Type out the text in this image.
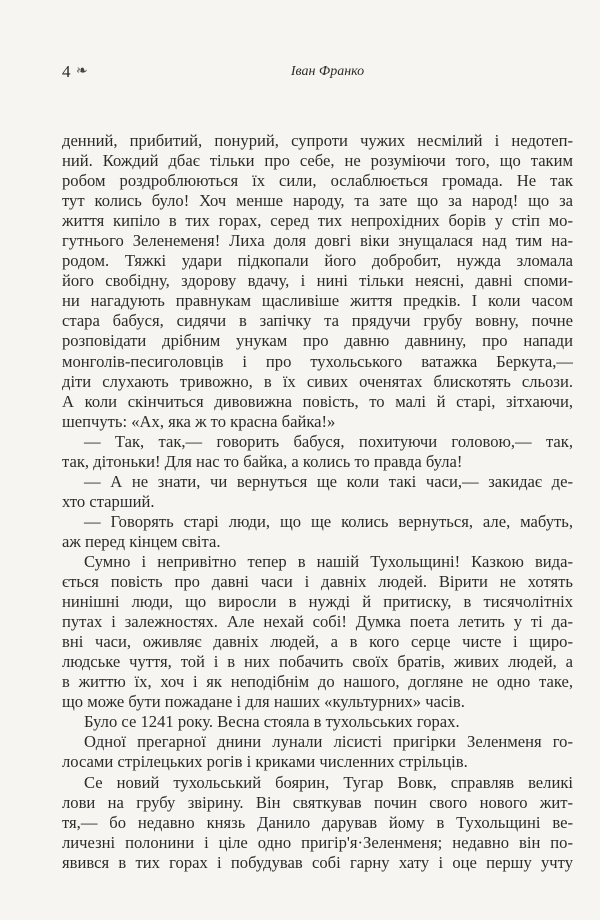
4 ❧	Іван Франко
денний, прибитий, понурий, супроти чужих несмілий і недотеп-
ний. Кождий дбає тільки про себе, не розуміючи того, що таким
робом роздроблюються їх сили, ослаблюється громада. Не так
тут колись було! Хоч менше народу, та зате що за народ! що за
життя кипіло в тих горах, серед тих непрохідних борів у стіп мо-
гутнього Зеленеменя! Лиха доля довгі віки знущалася над тим на-
родом. Тяжкі удари підкопали його добробит, нужда зломала
його свобідну, здорову вдачу, і нині тільки неясні, давні споми-
ни нагадують правнукам щасливіше життя предків. І коли часом
стара бабуся, сидячи в запічку та прядучи грубу вовну, почне
розповідати дрібним унукам про давню давнину, про напади
монголів-песиголовців і про тухольського ватажка Беркута,—
діти слухають тривожно, в їх сивих оченятах блискотять сльози.
А коли скінчиться дивовижна повість, то малі й старі, зітхаючи,
шепчуть: «Ах, яка ж то красна байка!»
— Так, так,— говорить бабуся, похитуючи головою,— так,
так, дітоньки! Для нас то байка, а колись то правда була!
— А не знати, чи вернуться ще коли такі часи,— закидає де-
хто старший.
— Говорять старі люди, що ще колись вернуться, але, мабуть,
аж перед кінцем світа.
Сумно і непривітно тепер в нашій Тухольщині! Казкою вида-
ється повість про давні часи і давніх людей. Вірити не хотять
нинішні люди, що виросли в нужді й притиску, в тисячолітніх
путах і залежностях. Але нехай собі! Думка поета летить у ті да-
вні часи, оживляє давніх людей, а в кого серце чисте і щиро-
людське чуття, той і в них побачить своїх братів, живих людей, а
в життю їх, хоч і як неподібнім до нашого, догляне не одно таке,
що може бути пожадане і для наших «культурних» часів.
Було се 1241 року. Весна стояла в тухольських горах.
Одної прегарної днини лунали лісисті пригірки Зеленменя го-
лосами стрілецьких рогів і криками численних стрільців.
Се новий тухольський боярин, Тугар Вовк, справляв великі
лови на грубу звірину. Він святкував почин свого нового жит-
тя,— бо недавно князь Данило дарував йому в Тухольщині ве-
личезні полонини і ціле одно пригір'я·Зеленменя; недавно він по-
явився в тих горах і побудував собі гарну хату і оце першу учту
